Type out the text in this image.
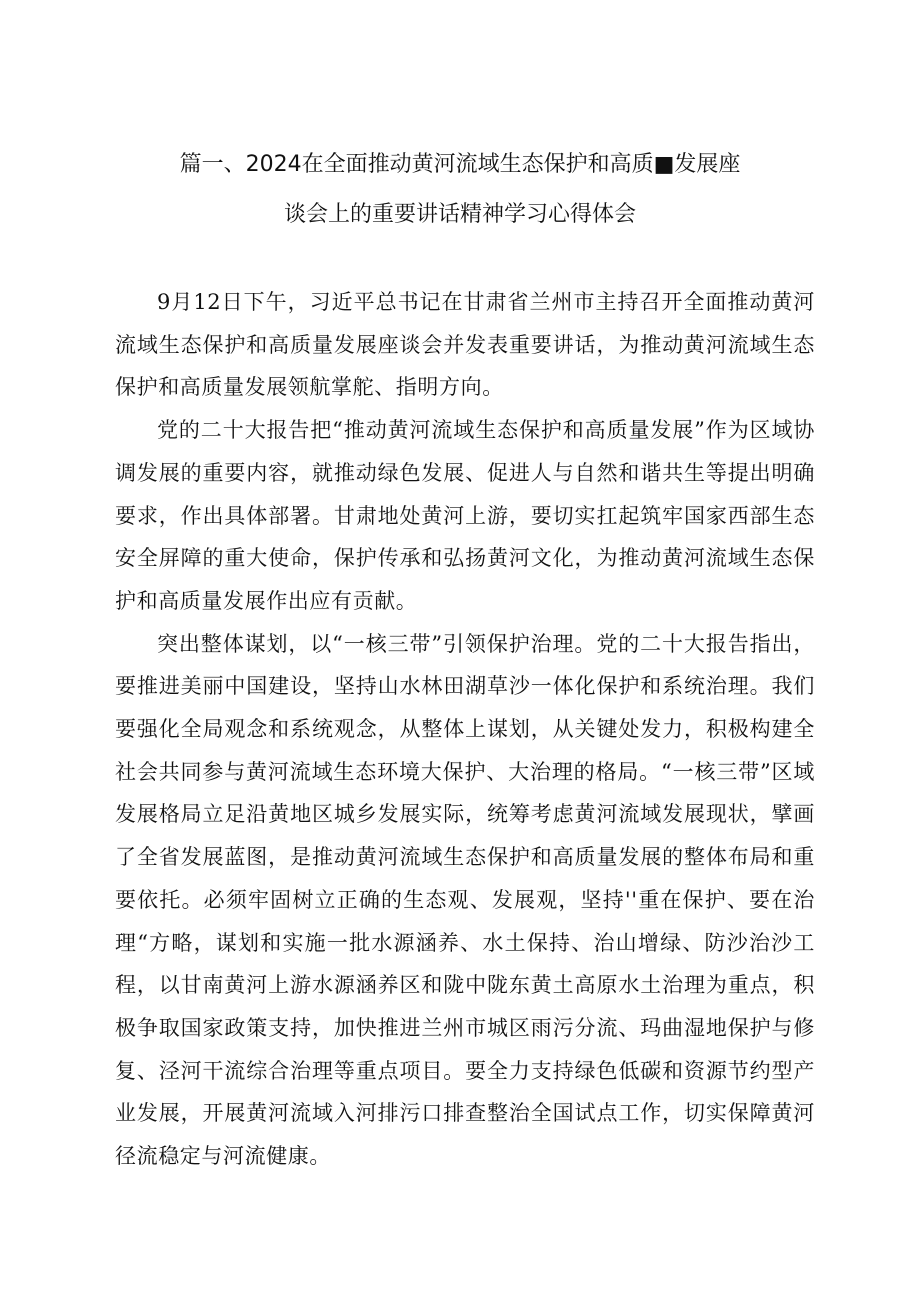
篇一、2024在全面推动黄河流域生态保护和高质■发展座
谈会上的重要讲话精神学习心得体会

9月12日下午，习近平总书记在甘肃省兰州市主持召开全面推动黄河流域生态保护和高质量发展座谈会并发表重要讲话，为推动黄河流域生态保护和高质量发展领航掌舵、指明方向。

党的二十大报告把“推动黄河流域生态保护和高质量发展”作为区域协调发展的重要内容，就推动绿色发展、促进人与自然和谐共生等提出明确要求，作出具体部署。甘肃地处黄河上游，要切实扛起筑牢国家西部生态安全屏障的重大使命，保护传承和弘扬黄河文化，为推动黄河流域生态保护和高质量发展作出应有贡献。

突出整体谋划，以“一核三带”引领保护治理。党的二十大报告指出，要推进美丽中国建设，坚持山水林田湖草沙一体化保护和系统治理。我们要强化全局观念和系统观念，从整体上谋划，从关键处发力，积极构建全社会共同参与黄河流域生态环境大保护、大治理的格局。“一核三带”区域发展格局立足沿黄地区城乡发展实际，统筹考虑黄河流域发展现状，擘画了全省发展蓝图，是推动黄河流域生态保护和高质量发展的整体布局和重要依托。必须牢固树立正确的生态观、发展观，坚持''重在保护、要在治理“方略，谋划和实施一批水源涵养、水土保持、治山增绿、防沙治沙工程，以甘南黄河上游水源涵养区和陇中陇东黄土高原水土治理为重点，积极争取国家政策支持，加快推进兰州市城区雨污分流、玛曲湿地保护与修复、泾河干流综合治理等重点项目。要全力支持绿色低碳和资源节约型产业发展，开展黄河流域入河排污口排查整治全国试点工作，切实保障黄河径流稳定与河流健康。
